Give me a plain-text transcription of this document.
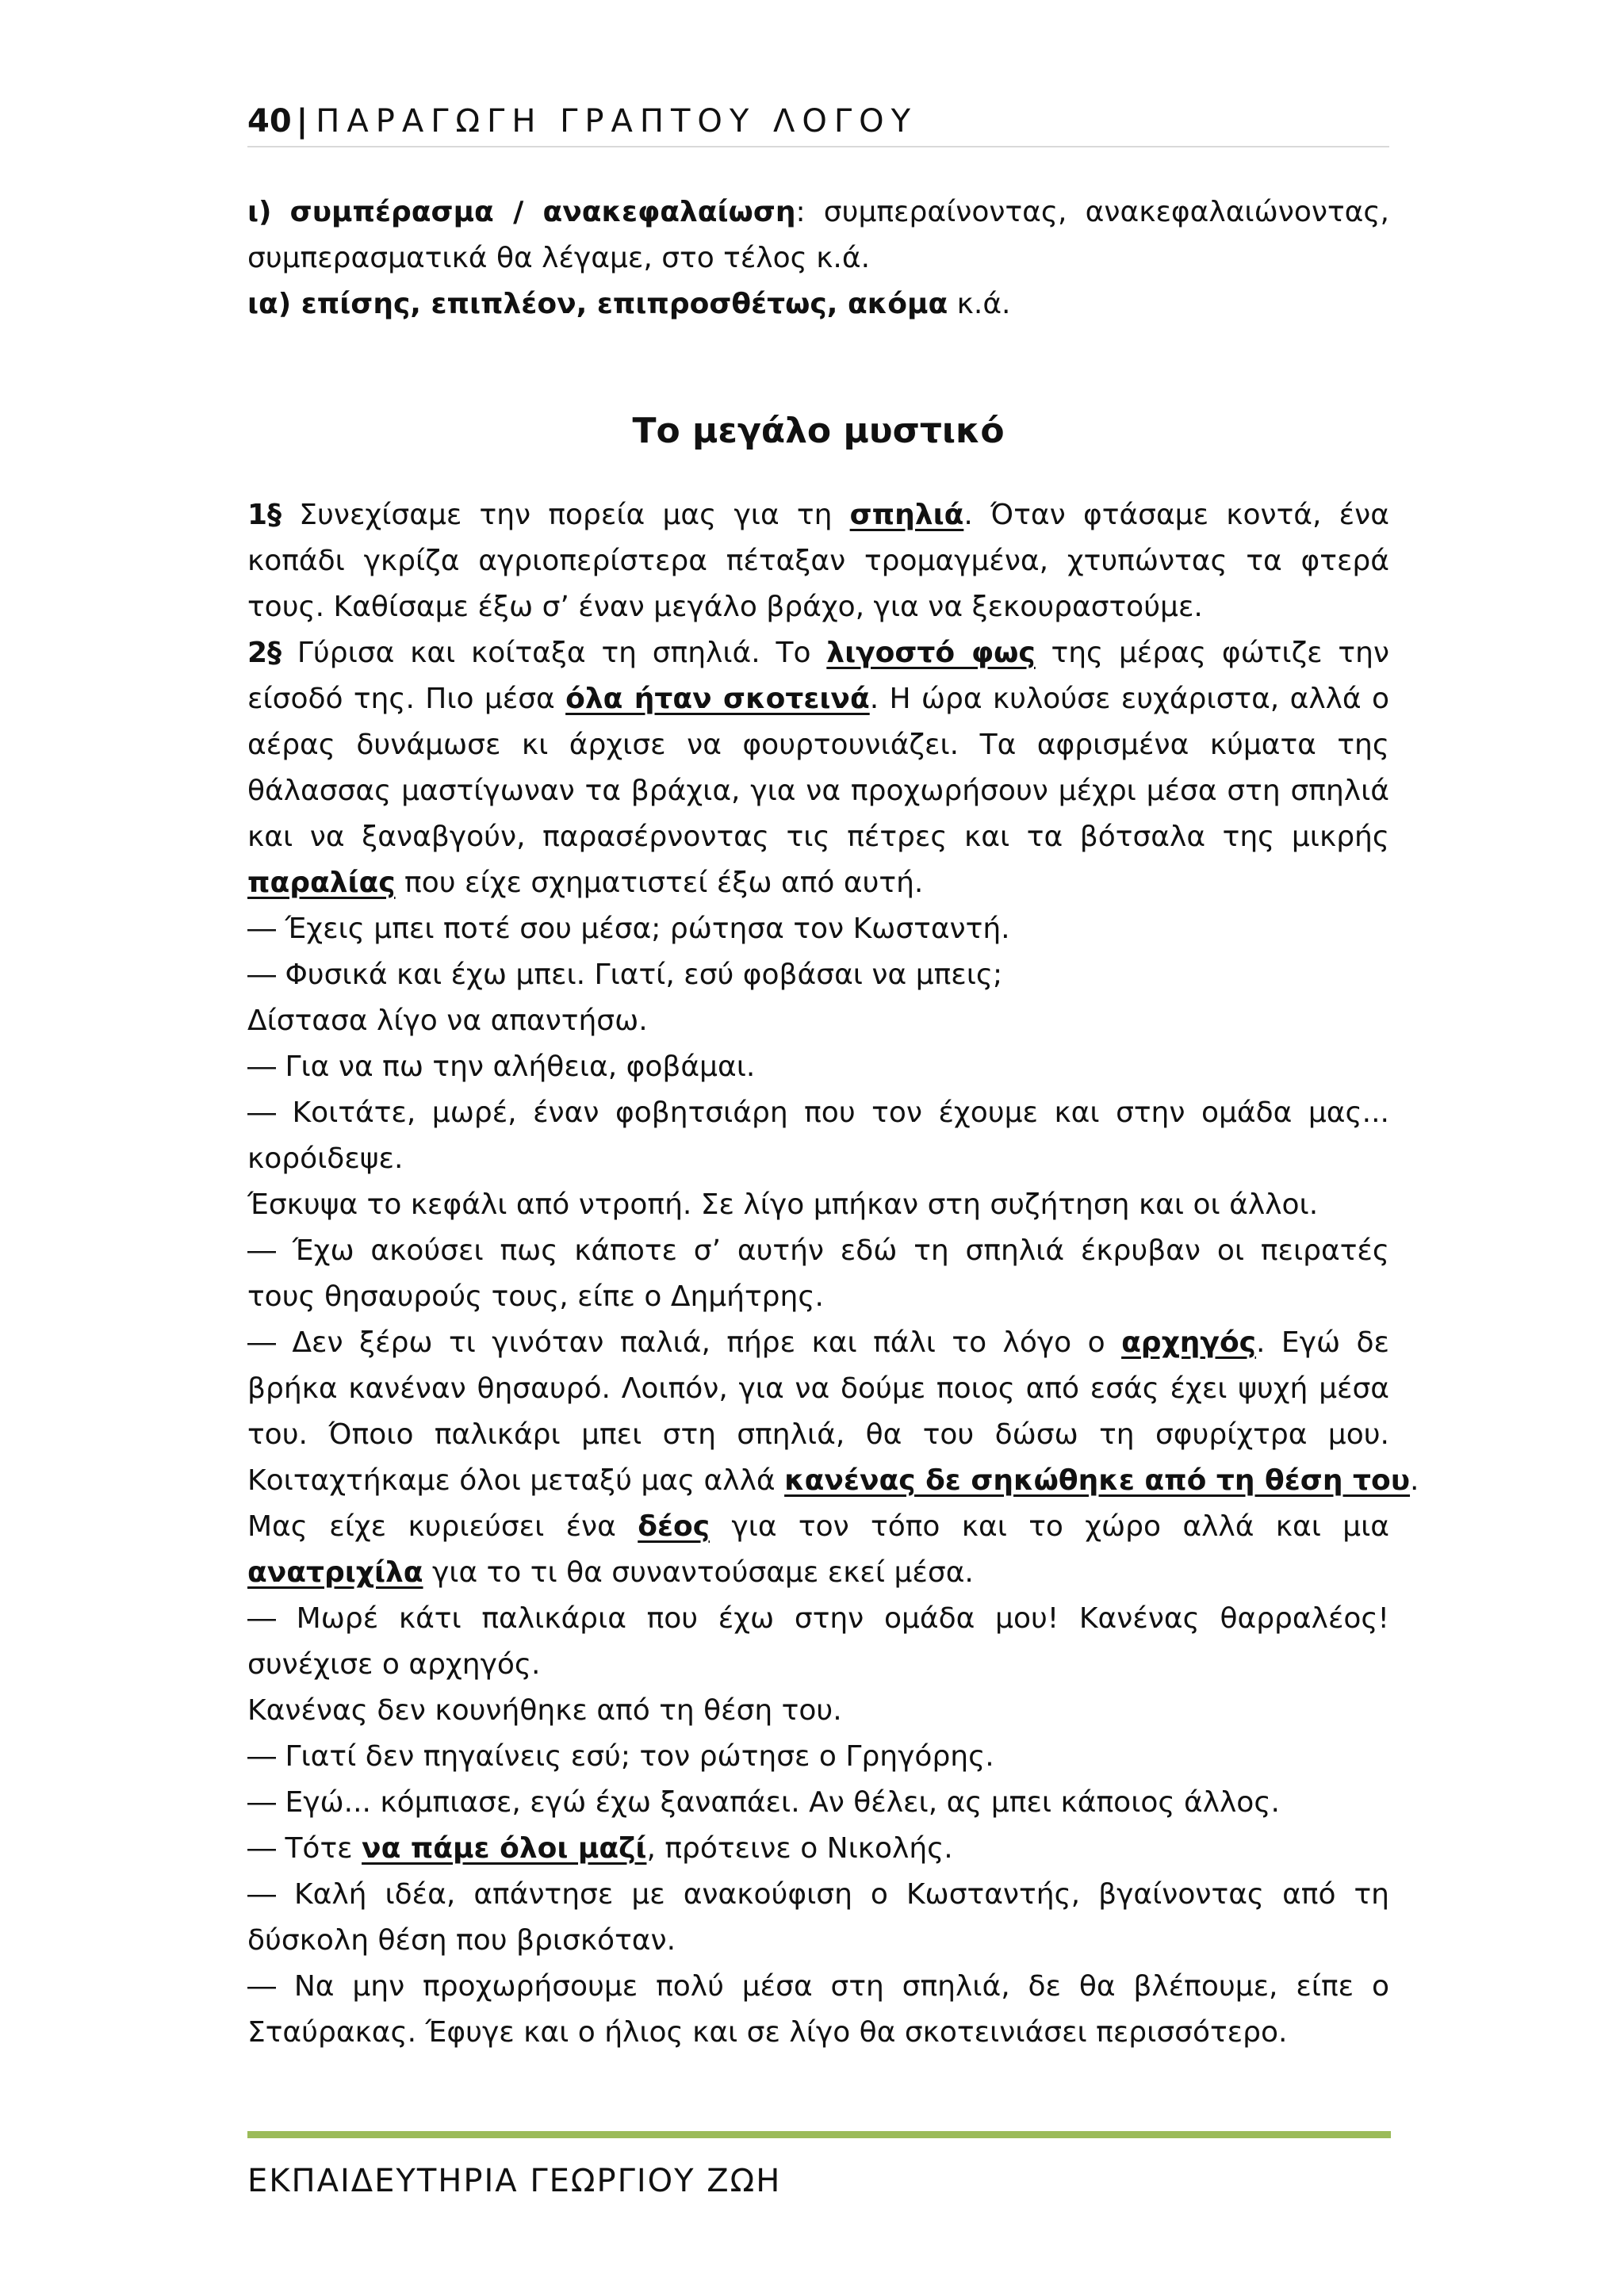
40 | ΠΑΡΑΓΩΓΗ ΓΡΑΠΤΟΥ ΛΟΓΟΥ
ι) συμπέρασμα / ανακεφαλαίωση: συμπεραίνοντας, ανακεφαλαιώνοντας,
συμπερασματικά θα λέγαμε, στο τέλος κ.ά.
ια) επίσης, επιπλέον, επιπροσθέτως, ακόμα κ.ά.
Το μεγάλο μυστικό
1§ Συνεχίσαμε την πορεία μας για τη σπηλιά. Όταν φτάσαμε κοντά, ένα
κοπάδι γκρίζα αγριοπερίστερα πέταξαν τρομαγμένα, χτυπώντας τα φτερά
τους. Καθίσαμε έξω σ’ έναν μεγάλο βράχο, για να ξεκουραστούμε.
2§ Γύρισα και κοίταξα τη σπηλιά. Το λιγοστό φως της μέρας φώτιζε την
είσοδό της. Πιο μέσα όλα ήταν σκοτεινά. Η ώρα κυλούσε ευχάριστα, αλλά ο
αέρας δυνάμωσε κι άρχισε να φουρτουνιάζει. Τα αφρισμένα κύματα της
θάλασσας μαστίγωναν τα βράχια, για να προχωρήσουν μέχρι μέσα στη σπηλιά
και να ξαναβγούν, παρασέρνοντας τις πέτρες και τα βότσαλα της μικρής
παραλίας που είχε σχηματιστεί έξω από αυτή.
― Έχεις μπει ποτέ σου μέσα; ρώτησα τον Κωσταντή.
― Φυσικά και έχω μπει. Γιατί, εσύ φοβάσαι να μπεις;
Δίστασα λίγο να απαντήσω.
― Για να πω την αλήθεια, φοβάμαι.
― Κοιτάτε, μωρέ, έναν φοβητσιάρη που τον έχουμε και στην ομάδα μας...
κορόιδεψε.
Έσκυψα το κεφάλι από ντροπή. Σε λίγο μπήκαν στη συζήτηση και οι άλλοι.
― Έχω ακούσει πως κάποτε σ’ αυτήν εδώ τη σπηλιά έκρυβαν οι πειρατές
τους θησαυρούς τους, είπε ο Δημήτρης.
― Δεν ξέρω τι γινόταν παλιά, πήρε και πάλι το λόγο ο αρχηγός. Εγώ δε
βρήκα κανέναν θησαυρό. Λοιπόν, για να δούμε ποιος από εσάς έχει ψυχή μέσα
του. Όποιο παλικάρι μπει στη σπηλιά, θα του δώσω τη σφυρίχτρα μου.
Κοιταχτήκαμε όλοι μεταξύ μας αλλά κανένας δε σηκώθηκε από τη θέση του.
Μας είχε κυριεύσει ένα δέος για τον τόπο και το χώρο αλλά και μια
ανατριχίλα για το τι θα συναντούσαμε εκεί μέσα.
― Μωρέ κάτι παλικάρια που έχω στην ομάδα μου! Κανένας θαρραλέος!
συνέχισε ο αρχηγός.
Κανένας δεν κουνήθηκε από τη θέση του.
― Γιατί δεν πηγαίνεις εσύ; τον ρώτησε ο Γρηγόρης.
― Εγώ... κόμπιασε, εγώ έχω ξαναπάει. Αν θέλει, ας μπει κάποιος άλλος.
― Τότε να πάμε όλοι μαζί, πρότεινε ο Νικολής.
― Καλή ιδέα, απάντησε με ανακούφιση ο Κωσταντής, βγαίνοντας από τη
δύσκολη θέση που βρισκόταν.
― Να μην προχωρήσουμε πολύ μέσα στη σπηλιά, δε θα βλέπουμε, είπε ο
Σταύρακας. Έφυγε και ο ήλιος και σε λίγο θα σκοτεινιάσει περισσότερο.
ΕΚΠΑΙΔΕΥΤΗΡΙΑ ΓΕΩΡΓΙΟΥ ΖΩΗ
